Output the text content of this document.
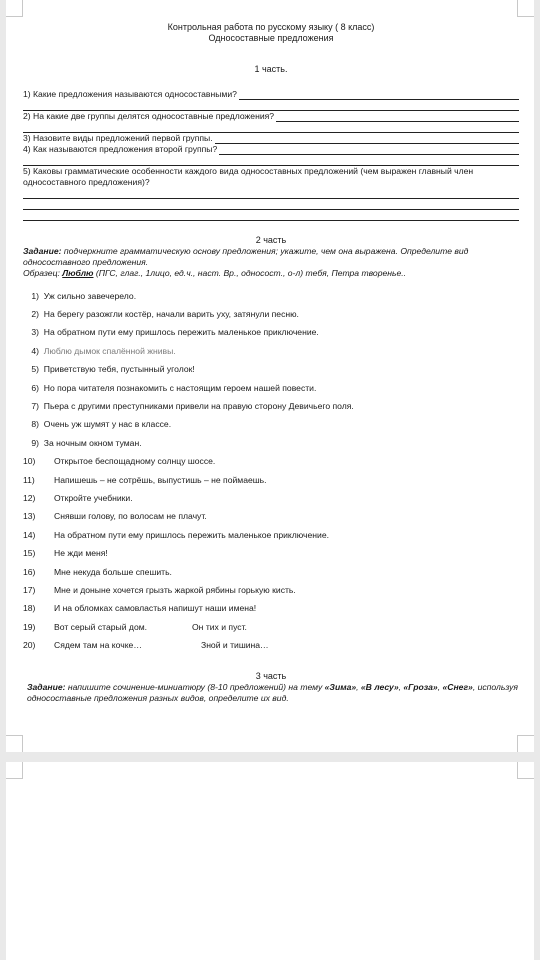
Контрольная работа по русскому языку ( 8 класс)

Односоставные предложения

1 часть.

1) Какие предложения называются односоставными?
2) На какие две группы делятся односоставные предложения?
3) Назовите виды предложений первой группы.
4) Как называются предложения второй группы?
5) Каковы грамматические особенности каждого вида односоставных предложений (чем выражен главный член односоставного предложения)?

2 часть

Задание: подчеркните грамматическую основу предложения; укажите, чем она выражена. Определите вид односоставного предложения.
Образец: Люблю (ПГС, глаг., 1лицо, ед.ч., наст. Вр., односост., о-л) тебя, Петра творенье..
1)
Уж сильно завечерело.
2)
На берегу разожгли костёр, начали варить уху, затянули песню.
3)
На обратном пути ему пришлось пережить маленькое приключение.
4)
Люблю дымок спалённой жнивы.
5)
Приветствую тебя, пустынный уголок!
6)
Но пора читателя познакомить с настоящим героем нашей повести.
7)
Пьера с другими преступниками привели на правую сторону Девичьего поля.
8)
Очень уж шумят у нас в классе.
9)
За ночным окном туман.
10)	Открытое беспощадному солнцу шоссе.
11)	Напишешь – не сотрёшь, выпустишь – не поймаешь.
12)	Откройте учебники.
13)	Снявши голову, по волосам не плачут.
14)	На обратном пути ему пришлось пережить маленькое приключение.
15)	Не жди меня!
16)	Мне некуда больше спешить.
17)	Мне и доныне хочется грызть жаркой рябины горькую кисть.
18)	И на обломках самовластья напишут наши имена!
19)	Вот серый старый дом.	Он тих и пуст.
20)	Сядем там на кочке…	Зной и тишина…

3 часть

Задание: напишите сочинение-миниатюру (8-10 предложений) на тему «Зима», «В лесу», «Гроза», «Снег», используя односоставные предложения разных видов, определите их вид.
